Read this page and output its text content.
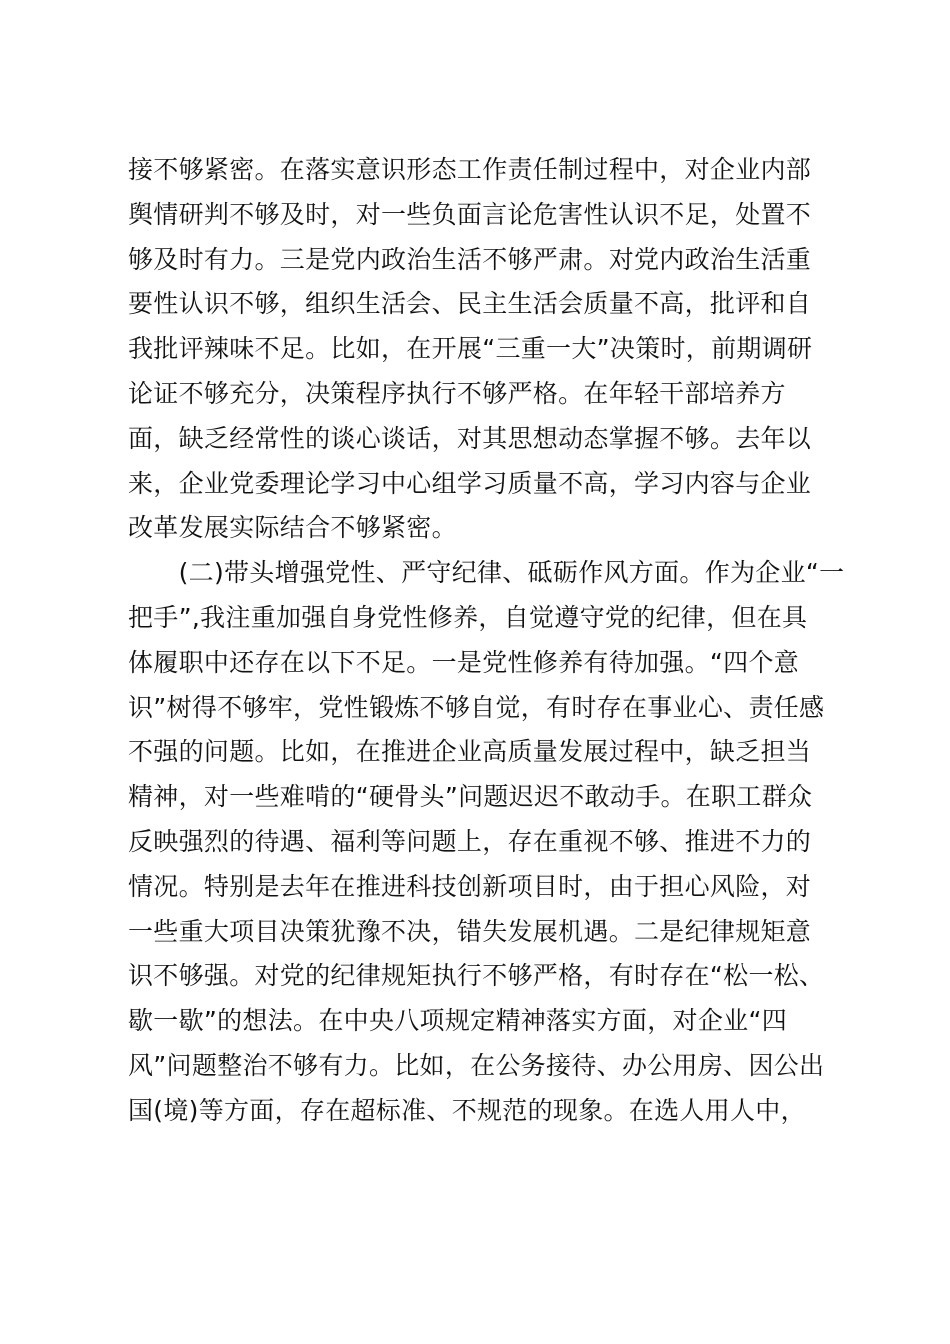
接不够紧密。在落实意识形态工作责任制过程中，对企业内部
舆情研判不够及时，对一些负面言论危害性认识不足，处置不
够及时有力。三是党内政治生活不够严肃。对党内政治生活重
要性认识不够，组织生活会、民主生活会质量不高，批评和自
我批评辣味不足。比如，在开展“三重一大”决策时，前期调研
论证不够充分，决策程序执行不够严格。在年轻干部培养方
面，缺乏经常性的谈心谈话，对其思想动态掌握不够。去年以
来，企业党委理论学习中心组学习质量不高，学习内容与企业
改革发展实际结合不够紧密。
　　(二)带头增强党性、严守纪律、砥砺作风方面。作为企业“一
把手”,我注重加强自身党性修养，自觉遵守党的纪律，但在具
体履职中还存在以下不足。一是党性修养有待加强。“四个意
识”树得不够牢，党性锻炼不够自觉，有时存在事业心、责任感
不强的问题。比如，在推进企业高质量发展过程中，缺乏担当
精神，对一些难啃的“硬骨头”问题迟迟不敢动手。在职工群众
反映强烈的待遇、福利等问题上，存在重视不够、推进不力的
情况。特别是去年在推进科技创新项目时，由于担心风险，对
一些重大项目决策犹豫不决，错失发展机遇。二是纪律规矩意
识不够强。对党的纪律规矩执行不够严格，有时存在“松一松、
歇一歇”的想法。在中央八项规定精神落实方面，对企业“四
风”问题整治不够有力。比如，在公务接待、办公用房、因公出
国(境)等方面，存在超标准、不规范的现象。在选人用人中，
